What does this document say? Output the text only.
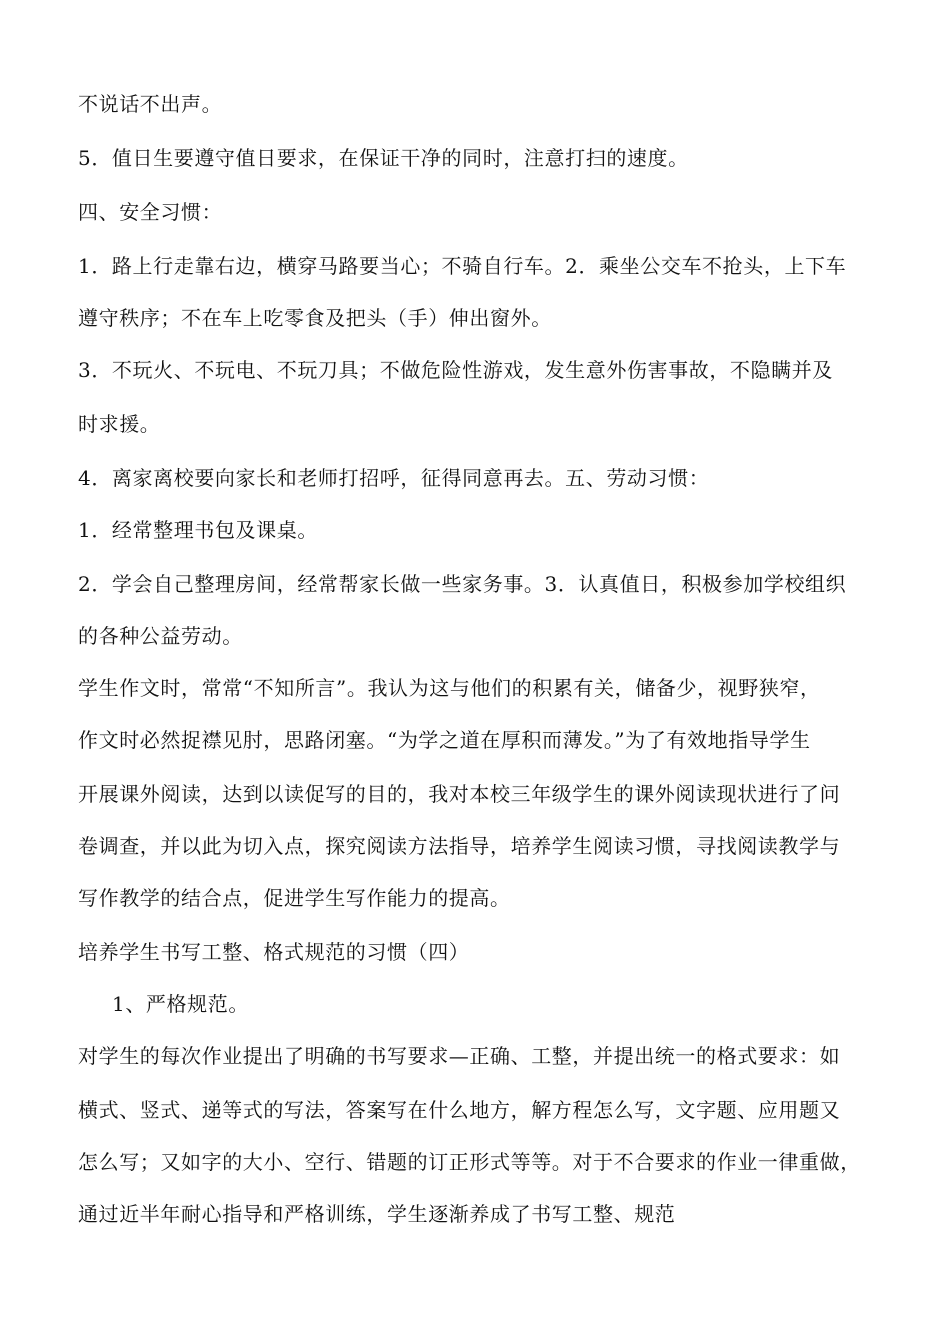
不说话不出声。
5．值日生要遵守值日要求，在保证干净的同时，注意打扫的速度。
四、安全习惯：
1．路上行走靠右边，横穿马路要当心；不骑自行车。2．乘坐公交车不抢头，上下车
遵守秩序；不在车上吃零食及把头（手）伸出窗外。
3．不玩火、不玩电、不玩刀具；不做危险性游戏，发生意外伤害事故，不隐瞒并及
时求援。
4．离家离校要向家长和老师打招呼，征得同意再去。五、劳动习惯：
1．经常整理书包及课桌。
2．学会自己整理房间，经常帮家长做一些家务事。3．认真值日，积极参加学校组织
的各种公益劳动。
学生作文时，常常“不知所言”。我认为这与他们的积累有关，储备少，视野狭窄，
作文时必然捉襟见肘，思路闭塞。“为学之道在厚积而薄发。”为了有效地指导学生
开展课外阅读，达到以读促写的目的，我对本校三年级学生的课外阅读现状进行了问
卷调查，并以此为切入点，探究阅读方法指导，培养学生阅读习惯，寻找阅读教学与
写作教学的结合点，促进学生写作能力的提高。
培养学生书写工整、格式规范的习惯（四）
1、严格规范。
对学生的每次作业提出了明确的书写要求—正确、工整，并提出统一的格式要求：如
横式、竖式、递等式的写法，答案写在什么地方，解方程怎么写，文字题、应用题又
怎么写；又如字的大小、空行、错题的订正形式等等。对于不合要求的作业一律重做，
通过近半年耐心指导和严格训练，学生逐渐养成了书写工整、规范
